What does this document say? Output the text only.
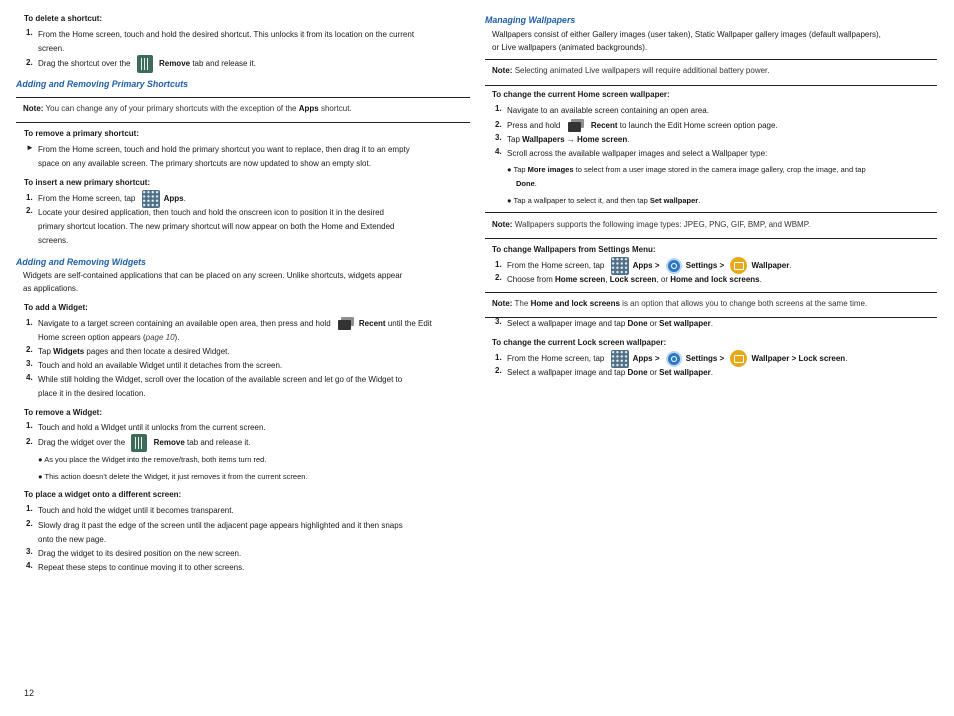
To delete a shortcut:
1. From the Home screen, touch and hold the desired shortcut. This unlocks it from its location on the current
screen.
2. Drag the shortcut over the	Remove tab and release it.
Adding and Removing Primary Shortcuts
Note: You can change any of your primary shortcuts with the exception of the Apps shortcut.
To remove a primary shortcut:
► From the Home screen, touch and hold the primary shortcut you want to replace, then drag it to an empty
space on any available screen. The primary shortcuts are now updated to show an empty slot.
To insert a new primary shortcut:
1. From the Home screen, tap	Apps.
2. Locate your desired application, then touch and hold the onscreen icon to position it in the desired
primary shortcut location. The new primary shortcut will now appear on both the Home and Extended
screens.
Adding and Removing Widgets
Widgets are self-contained applications that can be placed on any screen. Unlike shortcuts, widgets appear
as applications.
To add a Widget:
1. Navigate to a target screen containing an available open area, then press and hold	Recent until the Edit
Home screen option appears (page 10).
2. Tap Widgets pages and then locate a desired Widget.
3. Touch and hold an available Widget until it detaches from the screen.
4. While still holding the Widget, scroll over the location of the available screen and let go of the Widget to
place it in the desired location.
To remove a Widget:
1. Touch and hold a Widget until it unlocks from the current screen.
2. Drag the widget over the	Remove tab and release it.
● As you place the Widget into the remove/trash, both items turn red.
● This action doesn’t delete the Widget, it just removes it from the current screen.
To place a widget onto a different screen:
1. Touch and hold the widget until it becomes transparent.
2. Slowly drag it past the edge of the screen until the adjacent page appears highlighted and it then snaps
onto the new page.
3. Drag the widget to its desired position on the new screen.
4. Repeat these steps to continue moving it to other screens.
Managing Wallpapers
Wallpapers consist of either Gallery images (user taken), Static Wallpaper gallery images (default wallpapers),
or Live wallpapers (animated backgrounds).
Note: Selecting animated Live wallpapers will require additional battery power.
To change the current Home screen wallpaper:
1. Navigate to an available screen containing an open area.
2. Press and hold	Recent to launch the Edit Home screen option page.
3. Tap Wallpapers → Home screen.
4. Scroll across the available wallpaper images and select a Wallpaper type:
● Tap More images to select from a user image stored in the camera image gallery, crop the image, and tap
Done.
● Tap a wallpaper to select it, and then tap Set wallpaper.
Note: Wallpapers supports the following image types: JPEG, PNG, GIF, BMP, and WBMP.
To change Wallpapers from Settings Menu:
1. From the Home screen, tap	Apps >	Settings >	Wallpaper.
2. Choose from Home screen, Lock screen, or Home and lock screens.
Note: The Home and lock screens is an option that allows you to change both screens at the same time.
3. Select a wallpaper image and tap Done or Set wallpaper.
To change the current Lock screen wallpaper:
1. From the Home screen, tap	Apps >	Settings >	Wallpaper > Lock screen.
2. Select a wallpaper image and tap Done or Set wallpaper.
12
